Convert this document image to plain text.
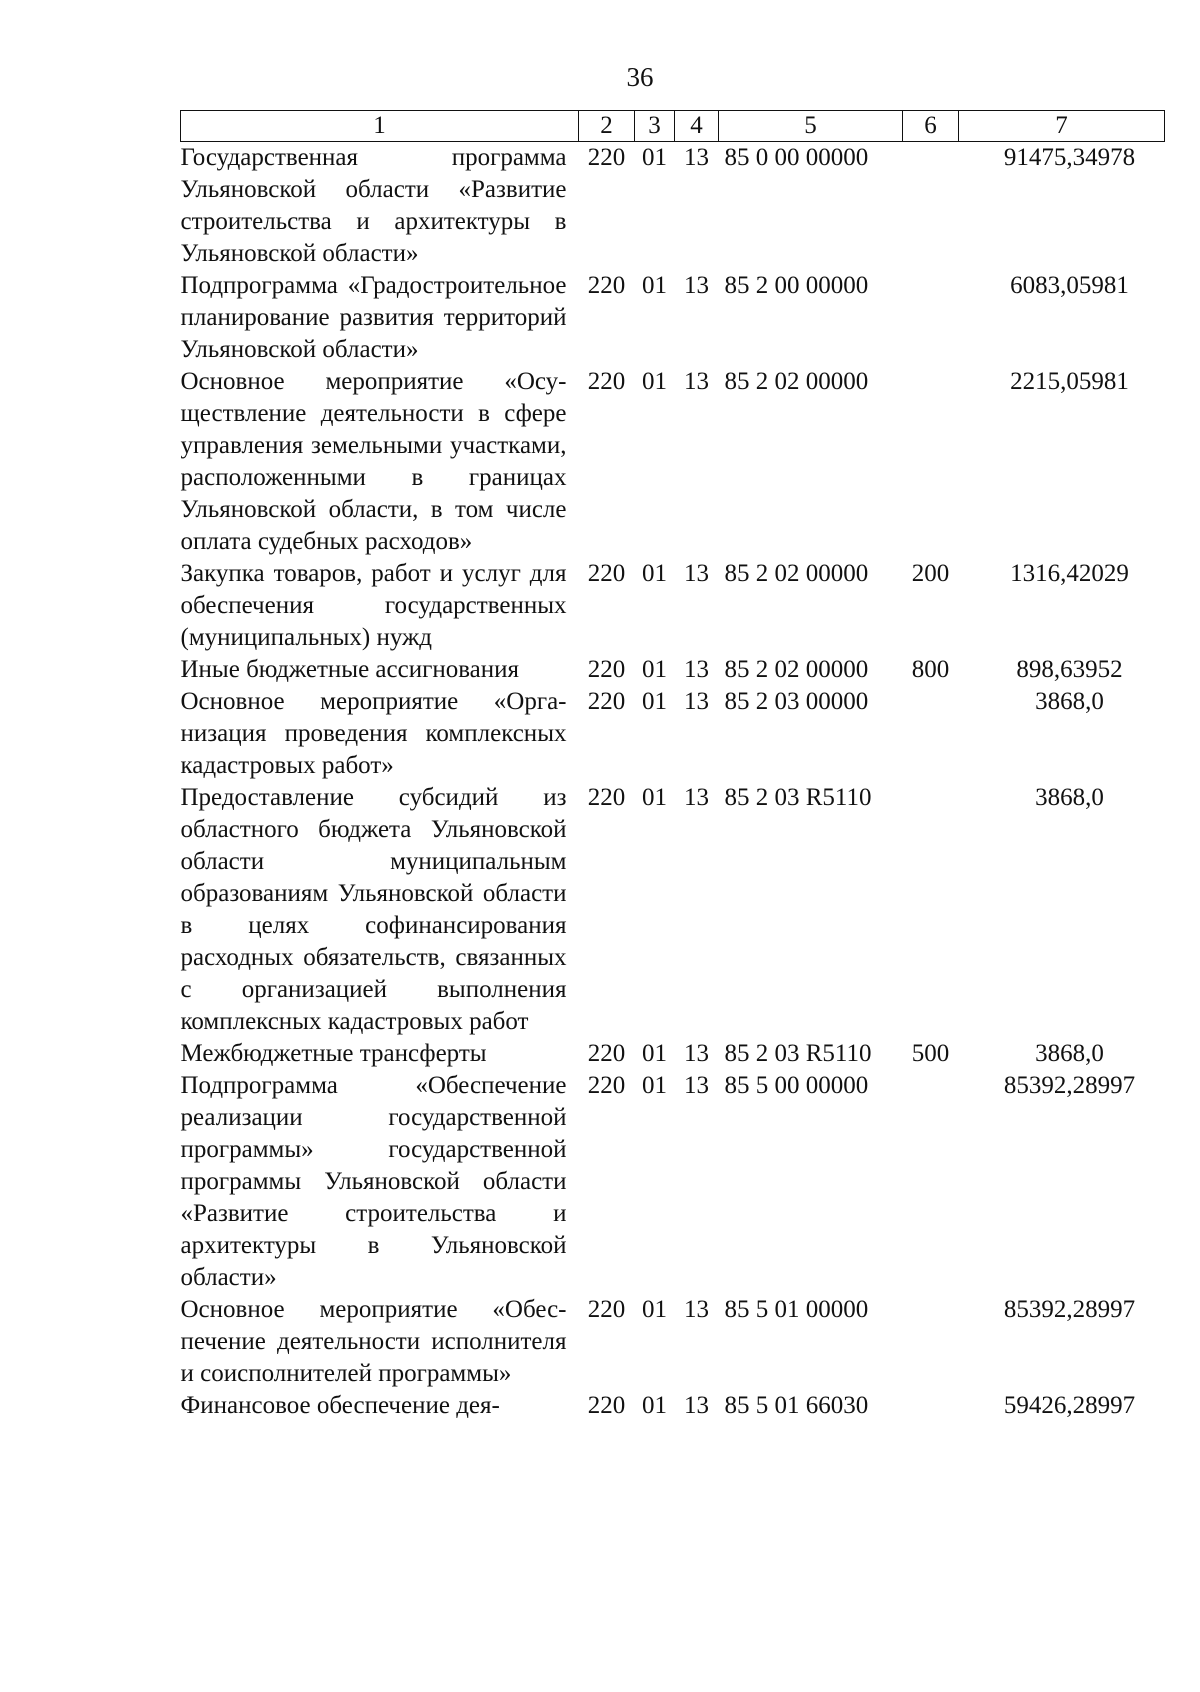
36
1	2	3	4	5	6	7
Государственная программа Ульяновской области «Развитие строительства и архитектуры в Ульяновской области»	220	01	13	85 0 00 00000		91475,34978
Подпрограмма «Градостроительное планирование развития территорий Ульяновской области»	220	01	13	85 2 00 00000		6083,05981
Основное мероприятие «Осуществление деятельности в сфере управления земельными участками, расположенными в границах Ульяновской области, в том числе оплата судебных расходов»	220	01	13	85 2 02 00000		2215,05981
Закупка товаров, работ и услуг для обеспечения государственных (муниципальных) нужд	220	01	13	85 2 02 00000	200	1316,42029
Иные бюджетные ассигнования	220	01	13	85 2 02 00000	800	898,63952
Основное мероприятие «Организация проведения комплексных кадастровых работ»	220	01	13	85 2 03 00000		3868,0
Предоставление субсидий из областного бюджета Ульяновской области муниципальным образованиям Ульяновской области в целях софинансирования расходных обязательств, связанных с организацией выполнения комплексных кадастровых работ	220	01	13	85 2 03 R5110		3868,0
Межбюджетные трансферты	220	01	13	85 2 03 R5110	500	3868,0
Подпрограмма «Обеспечение реализации государственной программы» государственной программы Ульяновской области «Развитие строительства и архитектуры в Ульяновской области»	220	01	13	85 5 00 00000		85392,28997
Основное мероприятие «Обеспечение деятельности исполнителя и соисполнителей программы»	220	01	13	85 5 01 00000		85392,28997
Финансовое обеспечение дея-	220	01	13	85 5 01 66030		59426,28997
